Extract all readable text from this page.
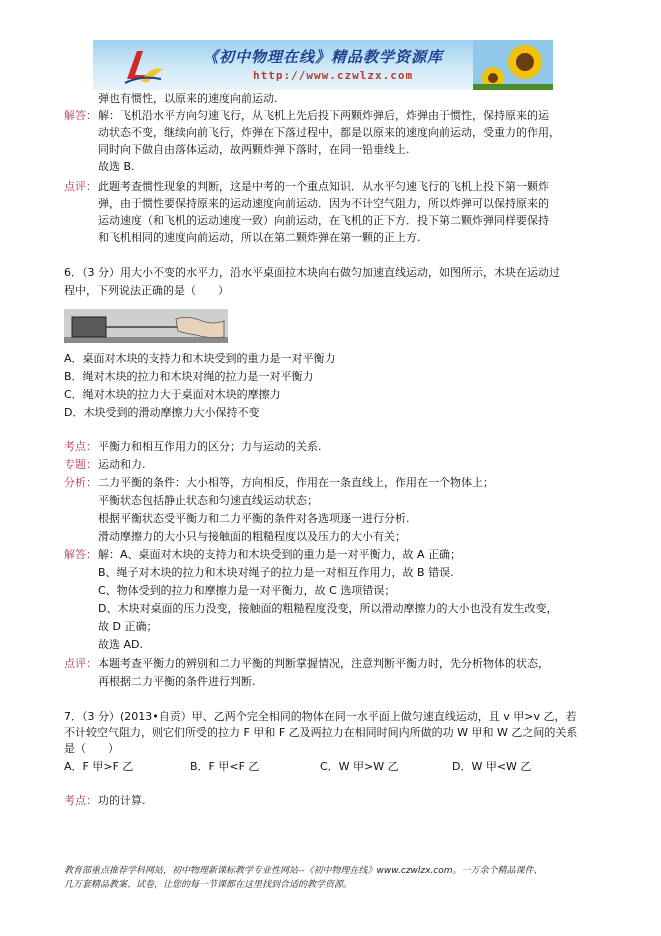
《初中物理在线》精品教学资源库
http://www.czwlzx.com
弹也有惯性，以原来的速度向前运动.
解答： 解：飞机沿水平方向匀速飞行，从飞机上先后投下两颗炸弹后，炸弹由于惯性，保持原来的运
动状态不变，继续向前飞行，炸弹在下落过程中，都是以原来的速度向前运动，受重力的作用，
同时向下做自由落体运动，故两颗炸弹下落时，在同一铅垂线上.
故选 B.
点评： 此题考查惯性现象的判断，这是中考的一个重点知识．从水平匀速飞行的飞机上投下第一颗炸
弹，由于惯性要保持原来的运动速度向前运动．因为不计空气阻力，所以炸弹可以保持原来的
运动速度（和飞机的运动速度一致）向前运动，在飞机的正下方．投下第二颗炸弹同样要保持
和飞机相同的速度向前运动，所以在第二颗炸弹在第一颗的正上方.
6．（3 分）用大小不变的水平力，沿水平桌面拉木块向右做匀加速直线运动，如图所示，木块在运动过
程中，下列说法正确的是（　　）
A．桌面对木块的支持力和木块受到的重力是一对平衡力
B．绳对木块的拉力和木块对绳的拉力是一对平衡力
C．绳对木块的拉力大于桌面对木块的摩擦力
D．木块受到的滑动摩擦力大小保持不变
考点： 平衡力和相互作用力的区分；力与运动的关系.
专题： 运动和力.
分析： 二力平衡的条件：大小相等，方向相反，作用在一条直线上，作用在一个物体上；
平衡状态包括静止状态和匀速直线运动状态；
根据平衡状态受平衡力和二力平衡的条件对各选项逐一进行分析.
滑动摩擦力的大小只与接触面的粗糙程度以及压力的大小有关；
解答： 解：A、桌面对木块的支持力和木块受到的重力是一对平衡力，故 A 正确；
B、绳子对木块的拉力和木块对绳子的拉力是一对相互作用力，故 B 错误.
C、物体受到的拉力和摩擦力是一对平衡力，故 C 选项错误；
D、木块对桌面的压力没变，接触面的粗糙程度没变，所以滑动摩擦力的大小也没有发生改变，
故 D 正确；
故选 AD.
点评： 本题考查平衡力的辨别和二力平衡的判断掌握情况，注意判断平衡力时，先分析物体的状态，
再根据二力平衡的条件进行判断.
7．（3 分）(2013•自贡）甲、乙两个完全相同的物体在同一水平面上做匀速直线运动，且 v 甲>v 乙，若
不计较空气阻力，则它们所受的拉力 F 甲和 F 乙及两拉力在相同时间内所做的功 W 甲和 W 乙之间的关系
是（　　）
A．F 甲>F 乙	B．F 甲<F 乙	C．W 甲>W 乙	D．W 甲<W 乙
考点： 功的计算.
教育部重点推荐学科网站，初中物理新课标教学专业性网站--《初中物理在线》www.czwlzx.com。一万余个精品课件、
几万套精品教案、试卷，让您的每一节课都在这里找到合适的教学资源。
